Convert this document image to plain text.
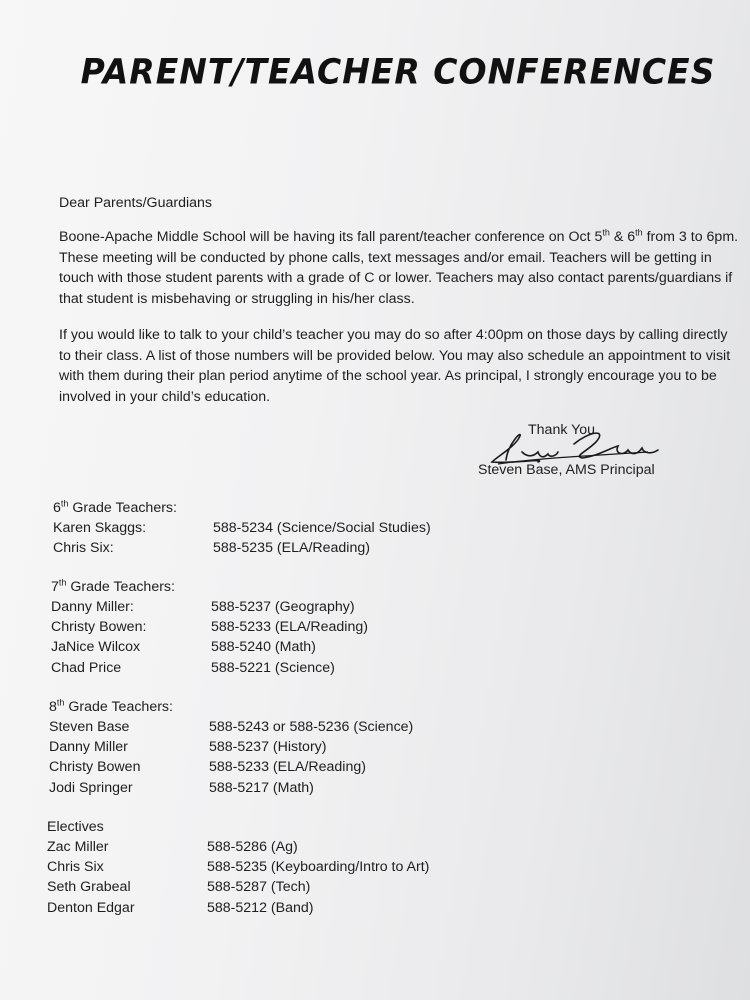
PARENT/TEACHER CONFERENCES
Dear Parents/Guardians
Boone-Apache Middle School will be having its fall parent/teacher conference on Oct 5th & 6th from 3 to 6pm. These meeting will be conducted by phone calls, text messages and/or email. Teachers will be getting in touch with those student parents with a grade of C or lower. Teachers may also contact parents/guardians if that student is misbehaving or struggling in his/her class.
If you would like to talk to your child’s teacher you may do so after 4:00pm on those days by calling directly to their class. A list of those numbers will be provided below. You may also schedule an appointment to visit with them during their plan period anytime of the school year. As principal, I strongly encourage you to be involved in your child’s education.
Thank You.
Steven Base, AMS Principal
6th Grade Teachers:
Karen Skaggs:	588-5234 (Science/Social Studies)
Chris Six:	588-5235 (ELA/Reading)
7th Grade Teachers:
Danny Miller:	588-5237 (Geography)
Christy Bowen:	588-5233 (ELA/Reading)
JaNice Wilcox	588-5240 (Math)
Chad Price	588-5221 (Science)
8th Grade Teachers:
Steven Base	588-5243 or 588-5236 (Science)
Danny Miller	588-5237 (History)
Christy Bowen	588-5233 (ELA/Reading)
Jodi Springer	588-5217 (Math)
Electives
Zac Miller	588-5286 (Ag)
Chris Six	588-5235 (Keyboarding/Intro to Art)
Seth Grabeal	588-5287 (Tech)
Denton Edgar	588-5212 (Band)
